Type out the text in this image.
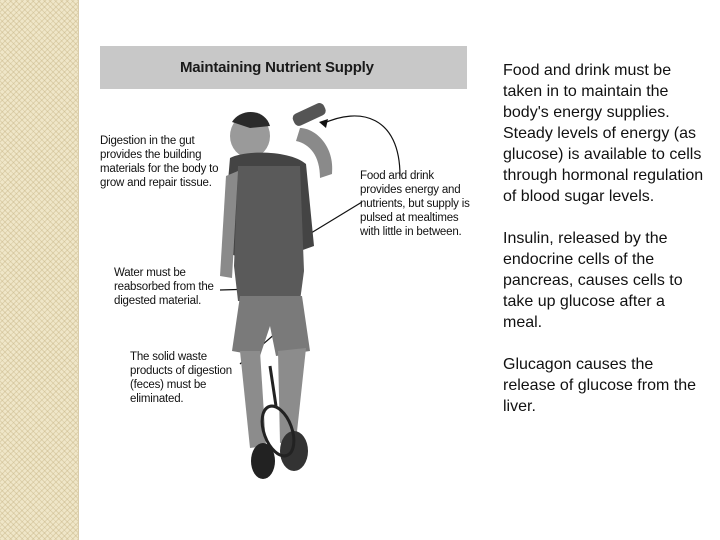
Maintaining Nutrient Supply
Digestion in the gut provides the building materials for the body to grow and repair tissue.
Food and drink provides energy and nutrients, but supply is pulsed at mealtimes with little in between.
Water must be reabsorbed from the digested material.
The solid waste products of digestion (feces) must be eliminated.

Food and drink must be taken in to maintain the body's energy supplies. Steady levels of energy (as glucose) is available to cells through hormonal regulation of blood sugar levels.

Insulin, released by the endocrine cells of the pancreas, causes cells to take up glucose after a meal.

Glucagon causes the release of glucose from the liver.
